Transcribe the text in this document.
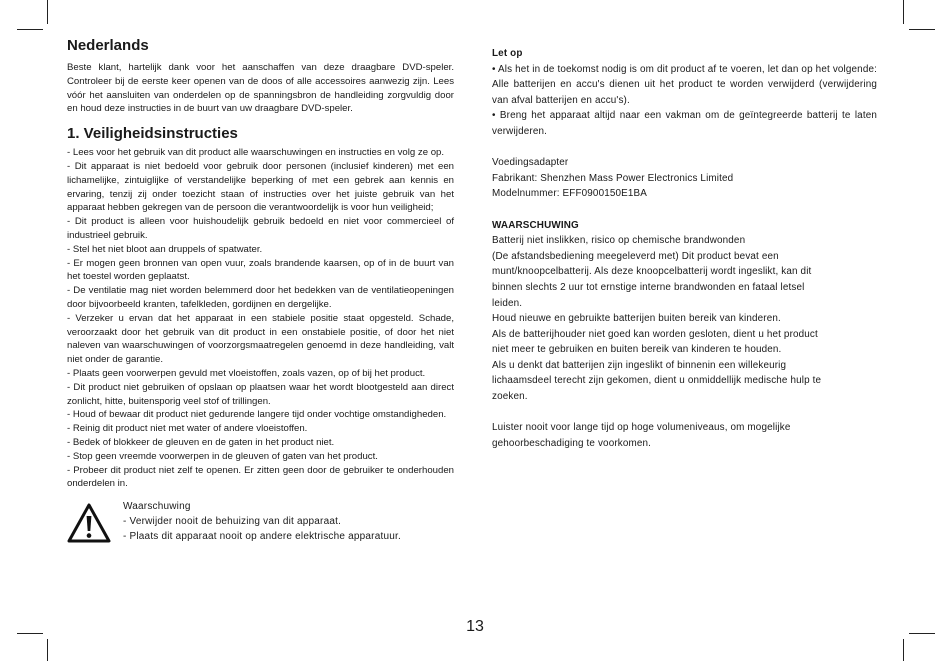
Nederlands

Beste klant, hartelijk dank voor het aanschaffen van deze draagbare DVD-speler. Controleer bij de eerste keer openen van de doos of alle accessoires aanwezig zijn. Lees vóór het aansluiten van onderdelen op de spanningsbron de handleiding zorgvuldig door en houd deze instructies in de buurt van uw draagbare DVD-speler.

1. Veiligheidsinstructies

- Lees voor het gebruik van dit product alle waarschuwingen en instructies en volg ze op.

- Dit apparaat is niet bedoeld voor gebruik door personen (inclusief kinderen) met een lichamelijke, zintuiglijke of verstandelijke beperking of met een gebrek aan kennis en ervaring, tenzij zij onder toezicht staan of instructies over het juiste gebruik van het apparaat hebben gekregen van de persoon die verantwoordelijk is voor hun veiligheid;

- Dit product is alleen voor huishoudelijk gebruik bedoeld en niet voor commercieel of industrieel gebruik.

- Stel het niet bloot aan druppels of spatwater.

- Er mogen geen bronnen van open vuur, zoals brandende kaarsen, op of in de buurt van het toestel worden geplaatst.

- De ventilatie mag niet worden belemmerd door het bedekken van de ventilatieopeningen door bijvoorbeeld kranten, tafelkleden, gordijnen en dergelijke.

- Verzeker u ervan dat het apparaat in een stabiele positie staat opgesteld. Schade, veroorzaakt door het gebruik van dit product in een onstabiele positie, of door het niet naleven van waarschuwingen of voorzorgsmaatregelen genoemd in deze handleiding, valt niet onder de garantie.

- Plaats geen voorwerpen gevuld met vloeistoffen, zoals vazen, op of bij het product.

- Dit product niet gebruiken of opslaan op plaatsen waar het wordt blootgesteld aan direct zonlicht, hitte, buitensporig veel stof of trillingen.

- Houd of bewaar dit product niet gedurende langere tijd onder vochtige omstandigheden.

- Reinig dit product niet met water of andere vloeistoffen.

- Bedek of blokkeer de gleuven en de gaten in het product niet.

- Stop geen vreemde voorwerpen in de gleuven of gaten van het product.

- Probeer dit product niet zelf te openen. Er zitten geen door de gebruiker te onderhouden onderdelen in.

Waarschuwing
- Verwijder nooit de behuizing van dit apparaat.
- Plaats dit apparaat nooit op andere elektrische apparatuur.

Let op

• Als het in de toekomst nodig is om dit product af te voeren, let dan op het volgende: Alle batterijen en accu's dienen uit het product te worden verwijderd (verwijdering van afval batterijen en accu's).

• Breng het apparaat altijd naar een vakman om de geïntegreerde batterij te laten verwijderen.

Voedingsadapter

Fabrikant: Shenzhen Mass Power Electronics Limited

Modelnummer: EFF0900150E1BA

WAARSCHUWING

Batterij niet inslikken, risico op chemische brandwonden

(De afstandsbediening meegeleverd met) Dit product bevat een

munt/knoopcelbatterij. Als deze knoopcelbatterij wordt ingeslikt, kan dit

binnen slechts 2 uur tot ernstige interne brandwonden en fataal letsel

leiden.

Houd nieuwe en gebruikte batterijen buiten bereik van kinderen.

Als de batterijhouder niet goed kan worden gesloten, dient u het product

niet meer te gebruiken en buiten bereik van kinderen te houden.

Als u denkt dat batterijen zijn ingeslikt of binnenin een willekeurig

lichaamsdeel terecht zijn gekomen, dient u onmiddellijk medische hulp te

zoeken.

Luister nooit voor lange tijd op hoge volumeniveaus, om mogelijke

gehoorbeschadiging te voorkomen.

13
